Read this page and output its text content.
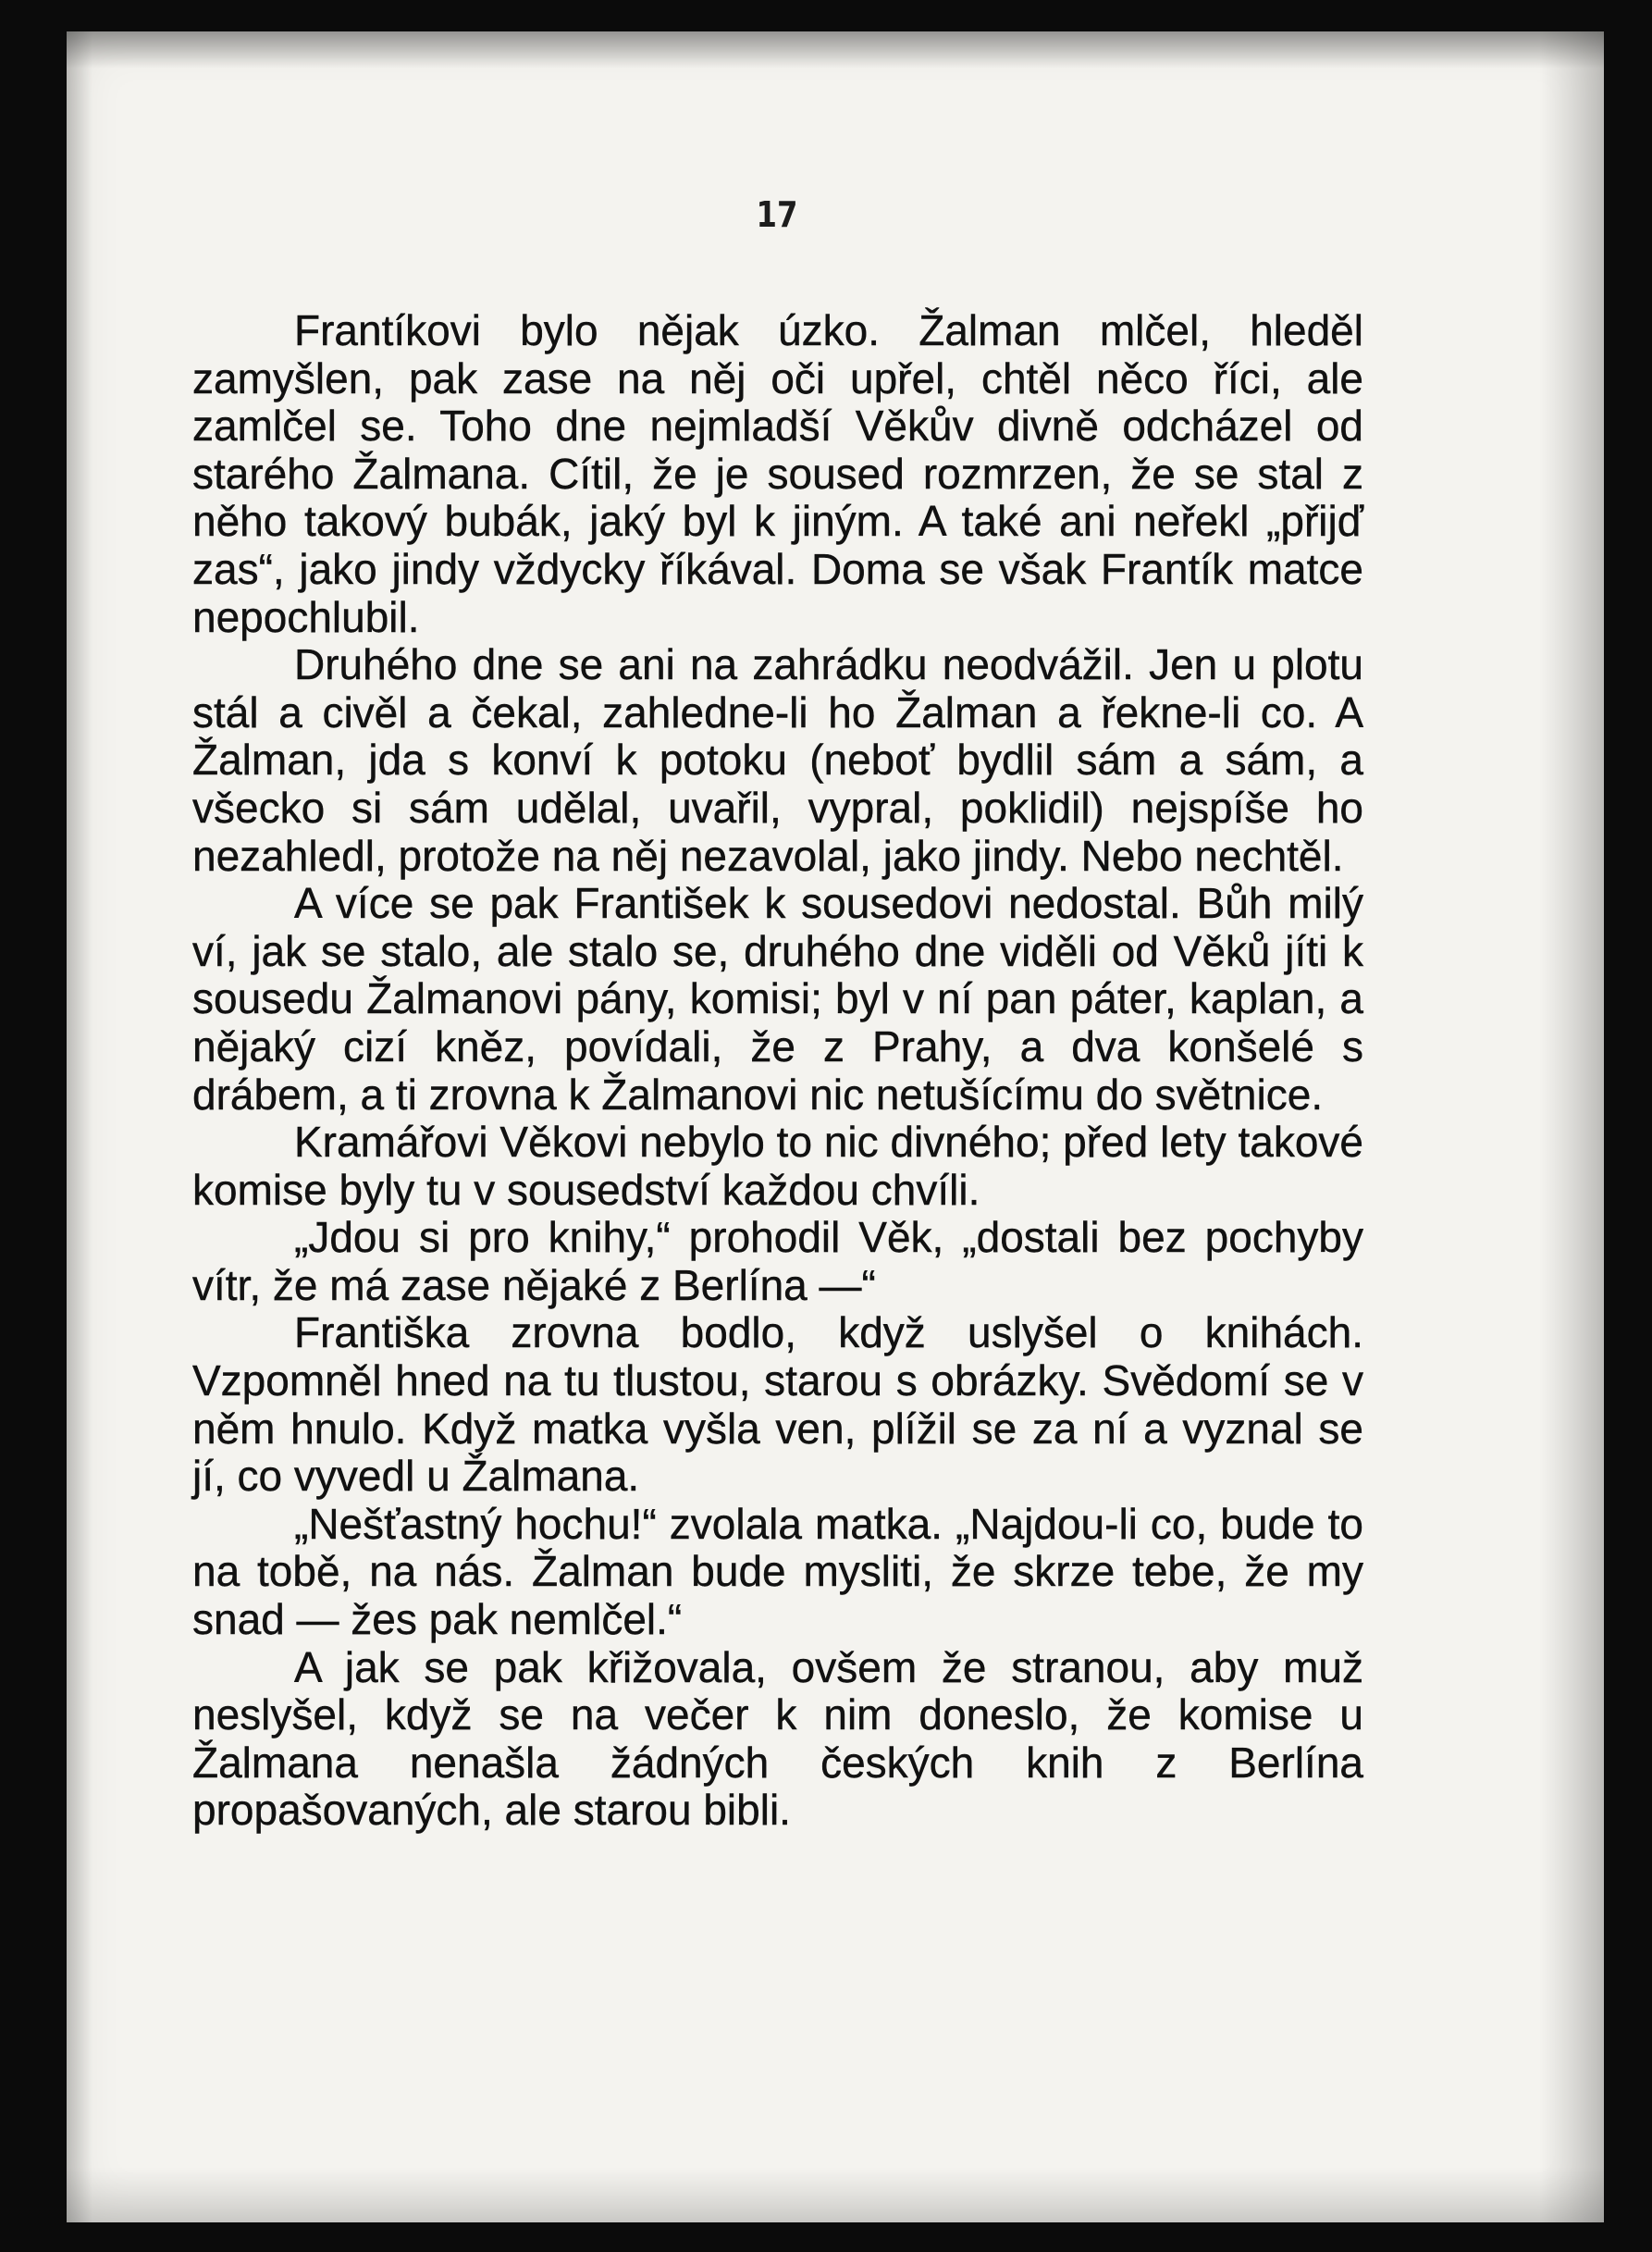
17

Frantíkovi bylo nějak úzko. Žalman mlčel, hleděl zamyšlen, pak zase na něj oči upřel, chtěl něco říci, ale zamlčel se. Toho dne nejmladší Věkův divně odcházel od starého Žalmana. Cítil, že je soused rozmrzen, že se stal z něho takový bubák, jaký byl k jiným. A také ani neřekl „přijď zas“, jako jindy vždycky říkával. Doma se však Frantík matce nepochlubil.

Druhého dne se ani na zahrádku neodvážil. Jen u plotu stál a civěl a čekal, zahledne-li ho Žalman a řekne-li co. A Žalman, jda s konví k potoku (neboť bydlil sám a sám, a všecko si sám udělal, uvařil, vypral, poklidil) nejspíše ho nezahledl, protože na něj nezavolal, jako jindy. Nebo nechtěl.

A více se pak František k sousedovi nedostal. Bůh milý ví, jak se stalo, ale stalo se, druhého dne viděli od Věků jíti k sousedu Žalmanovi pány, komisi; byl v ní pan páter, kaplan, a nějaký cizí kněz, povídali, že z Prahy, a dva konšelé s drábem, a ti zrovna k Žalmanovi nic netušícímu do světnice.

Kramářovi Věkovi nebylo to nic divného; před lety takové komise byly tu v sousedství každou chvíli.

„Jdou si pro knihy,“ prohodil Věk, „dostali bez pochyby vítr, že má zase nějaké z Berlína —“

Františka zrovna bodlo, když uslyšel o knihách. Vzpomněl hned na tu tlustou, starou s obrázky. Svědomí se v něm hnulo. Když matka vyšla ven, plížil se za ní a vyznal se jí, co vyvedl u Žalmana.

„Nešťastný hochu!“ zvolala matka. „Najdou-li co, bude to na tobě, na nás. Žalman bude mysliti, že skrze tebe, že my snad — žes pak nemlčel.“

A jak se pak křižovala, ovšem že stranou, aby muž neslyšel, když se na večer k nim doneslo, že komise u Žalmana nenašla žádných českých knih z Berlína propašovaných, ale starou bibli.
